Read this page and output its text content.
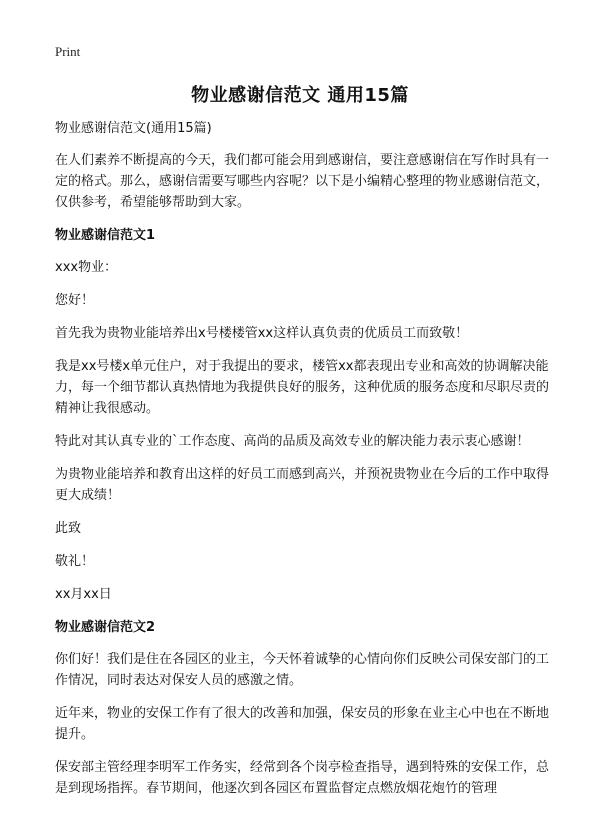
Print
物业感谢信范文 通用15篇

物业感谢信范文(通用15篇)

在人们素养不断提高的今天，我们都可能会用到感谢信，要注意感谢信在写作时具有一定的格式。那么，感谢信需要写哪些内容呢？以下是小编精心整理的物业感谢信范文，仅供参考，希望能够帮助到大家。

物业感谢信范文1

xxx物业：

您好！

首先我为贵物业能培养出x号楼楼管xx这样认真负责的优质员工而致敬！

我是xx号楼x单元住户，对于我提出的要求，楼管xx都表现出专业和高效的协调解决能力，每一个细节都认真热情地为我提供良好的服务，这种优质的服务态度和尽职尽责的精神让我很感动。

特此对其认真专业的`工作态度、高尚的品质及高效专业的解决能力表示衷心感谢！

为贵物业能培养和教育出这样的好员工而感到高兴，并预祝贵物业在今后的工作中取得更大成绩！

此致

敬礼！

xx月xx日

物业感谢信范文2

你们好！我们是住在各园区的业主，今天怀着诚挚的心情向你们反映公司保安部门的工作情况，同时表达对保安人员的感激之情。

近年来，物业的安保工作有了很大的改善和加强，保安员的形象在业主心中也在不断地提升。

保安部主管经理李明军工作务实，经常到各个岗亭检查指导，遇到特殊的安保工作，总是到现场指挥。春节期间，他逐次到各园区布置监督定点燃放烟花炮竹的管理
